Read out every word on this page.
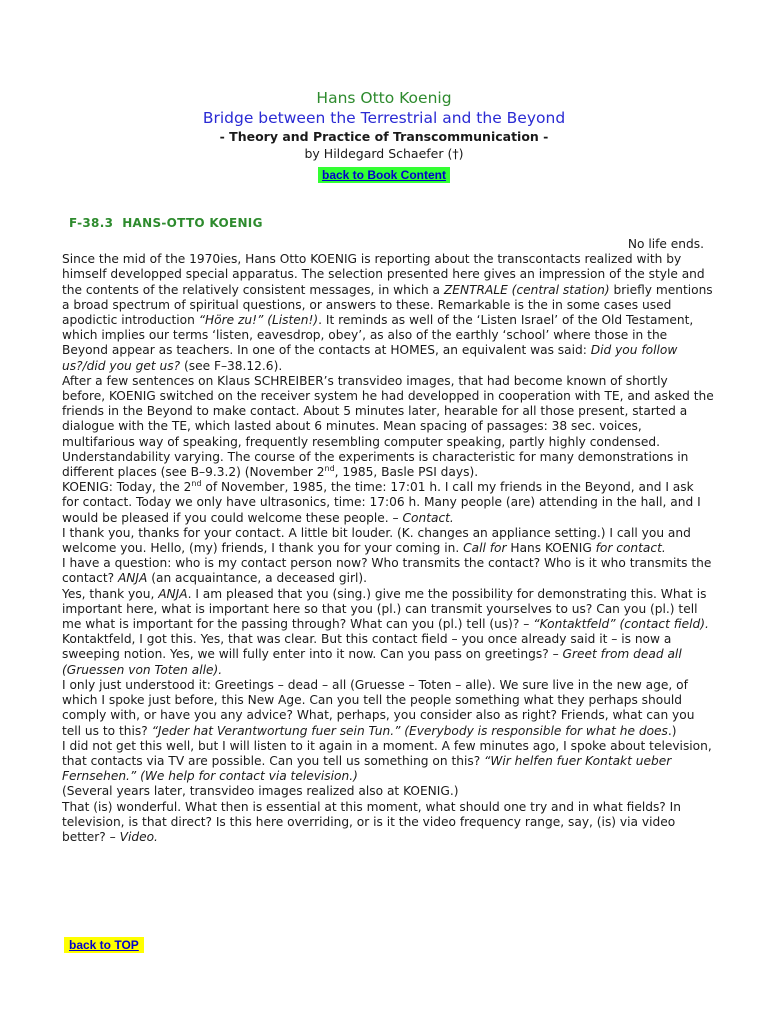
Hans Otto Koenig
Bridge between the Terrestrial and the Beyond
- Theory and Practice of Transcommunication -
by Hildegard Schaefer (†)
back to Book Content
F-38.3 HANS-OTTO KOENIG
No life ends.

Since the mid of the 1970ies, Hans Otto KOENIG is reporting about the transcontacts realized with by himself developped special apparatus. The selection presented here gives an impression of the style and the contents of the relatively consistent messages, in which a ZENTRALE (central station) briefly mentions a broad spectrum of spiritual questions, or answers to these. Remarkable is the in some cases used apodictic introduction “Höre zu!” (Listen!). It reminds as well of the ‘Listen Israel’ of the Old Testament, which implies our terms ‘listen, eavesdrop, obey’, as also of the earthly ‘school’ where those in the Beyond appear as teachers. In one of the contacts at HOMES, an equivalent was said: Did you follow us?/did you get us? (see F–38.12.6).

After a few sentences on Klaus SCHREIBER’s transvideo images, that had become known of shortly before, KOENIG switched on the receiver system he had developped in cooperation with TE, and asked the friends in the Beyond to make contact. About 5 minutes later, hearable for all those present, started a dialogue with the TE, which lasted about 6 minutes. Mean spacing of passages: 38 sec. voices, multifarious way of speaking, frequently resembling computer speaking, partly highly condensed. Understandability varying. The course of the experiments is characteristic for many demonstrations in different places (see B–9.3.2) (November 2nd, 1985, Basle PSI days).

KOENIG: Today, the 2nd of November, 1985, the time: 17:01 h. I call my friends in the Beyond, and I ask for contact. Today we only have ultrasonics, time: 17:06 h. Many people (are) attending in the hall, and I would be pleased if you could welcome these people. – Contact.

I thank you, thanks for your contact. A little bit louder. (K. changes an appliance setting.) I call you and welcome you. Hello, (my) friends, I thank you for your coming in. Call for Hans KOENIG for contact.

I have a question: who is my contact person now? Who transmits the contact? Who is it who transmits the contact? ANJA (an acquaintance, a deceased girl).

Yes, thank you, ANJA. I am pleased that you (sing.) give me the possibility for demonstrating this. What is important here, what is important here so that you (pl.) can transmit yourselves to us? Can you (pl.) tell me what is important for the passing through? What can you (pl.) tell (us)? – “Kontaktfeld” (contact field).

Kontaktfeld, I got this. Yes, that was clear. But this contact field – you once already said it – is now a sweeping notion. Yes, we will fully enter into it now. Can you pass on greetings? – Greet from dead all (Gruessen von Toten alle).

I only just understood it: Greetings – dead – all (Gruesse – Toten – alle). We sure live in the new age, of which I spoke just before, this New Age. Can you tell the people something what they perhaps should comply with, or have you any advice? What, perhaps, you consider also as right? Friends, what can you tell us to this? “Jeder hat Verantwortung fuer sein Tun.” (Everybody is responsible for what he does.)

I did not get this well, but I will listen to it again in a moment. A few minutes ago, I spoke about television, that contacts via TV are possible. Can you tell us something on this? “Wir helfen fuer Kontakt ueber Fernsehen.” (We help for contact via television.)

(Several years later, transvideo images realized also at KOENIG.)

That (is) wonderful. What then is essential at this moment, what should one try and in what fields? In television, is that direct? Is this here overriding, or is it the video frequency range, say, (is) via video better? – Video.

back to TOP
